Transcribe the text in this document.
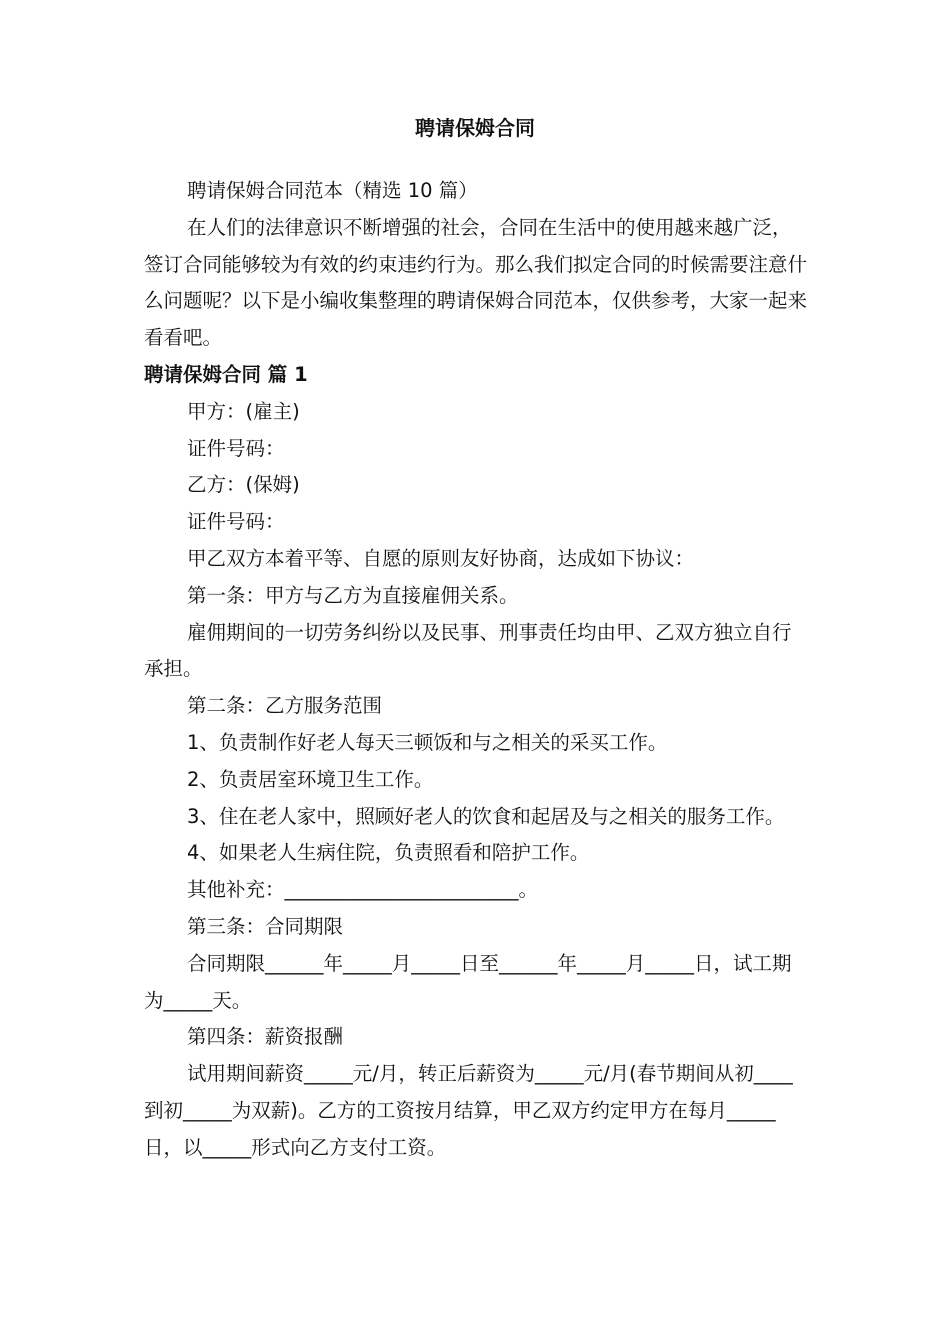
聘请保姆合同

聘请保姆合同范本（精选 10 篇）

在人们的法律意识不断增强的社会，合同在生活中的使用越来越广泛，签订合同能够较为有效的约束违约行为。那么我们拟定合同的时候需要注意什么问题呢？以下是小编收集整理的聘请保姆合同范本，仅供参考，大家一起来看看吧。

聘请保姆合同 篇 1

甲方：(雇主)

证件号码：

乙方：(保姆)

证件号码：

甲乙双方本着平等、自愿的原则友好协商，达成如下协议：

第一条：甲方与乙方为直接雇佣关系。

雇佣期间的一切劳务纠纷以及民事、刑事责任均由甲、乙双方独立自行承担。

第二条：乙方服务范围

1、负责制作好老人每天三顿饭和与之相关的采买工作。

2、负责居室环境卫生工作。

3、住在老人家中，照顾好老人的饮食和起居及与之相关的服务工作。

4、如果老人生病住院，负责照看和陪护工作。

其他补充：________________________。

第三条：合同期限

合同期限______年_____月_____日至______年_____月_____日，试工期为_____天。

第四条：薪资报酬

试用期间薪资_____元/月，转正后薪资为_____元/月(春节期间从初____到初_____为双薪)。乙方的工资按月结算，甲乙双方约定甲方在每月_____日，以_____形式向乙方支付工资。
